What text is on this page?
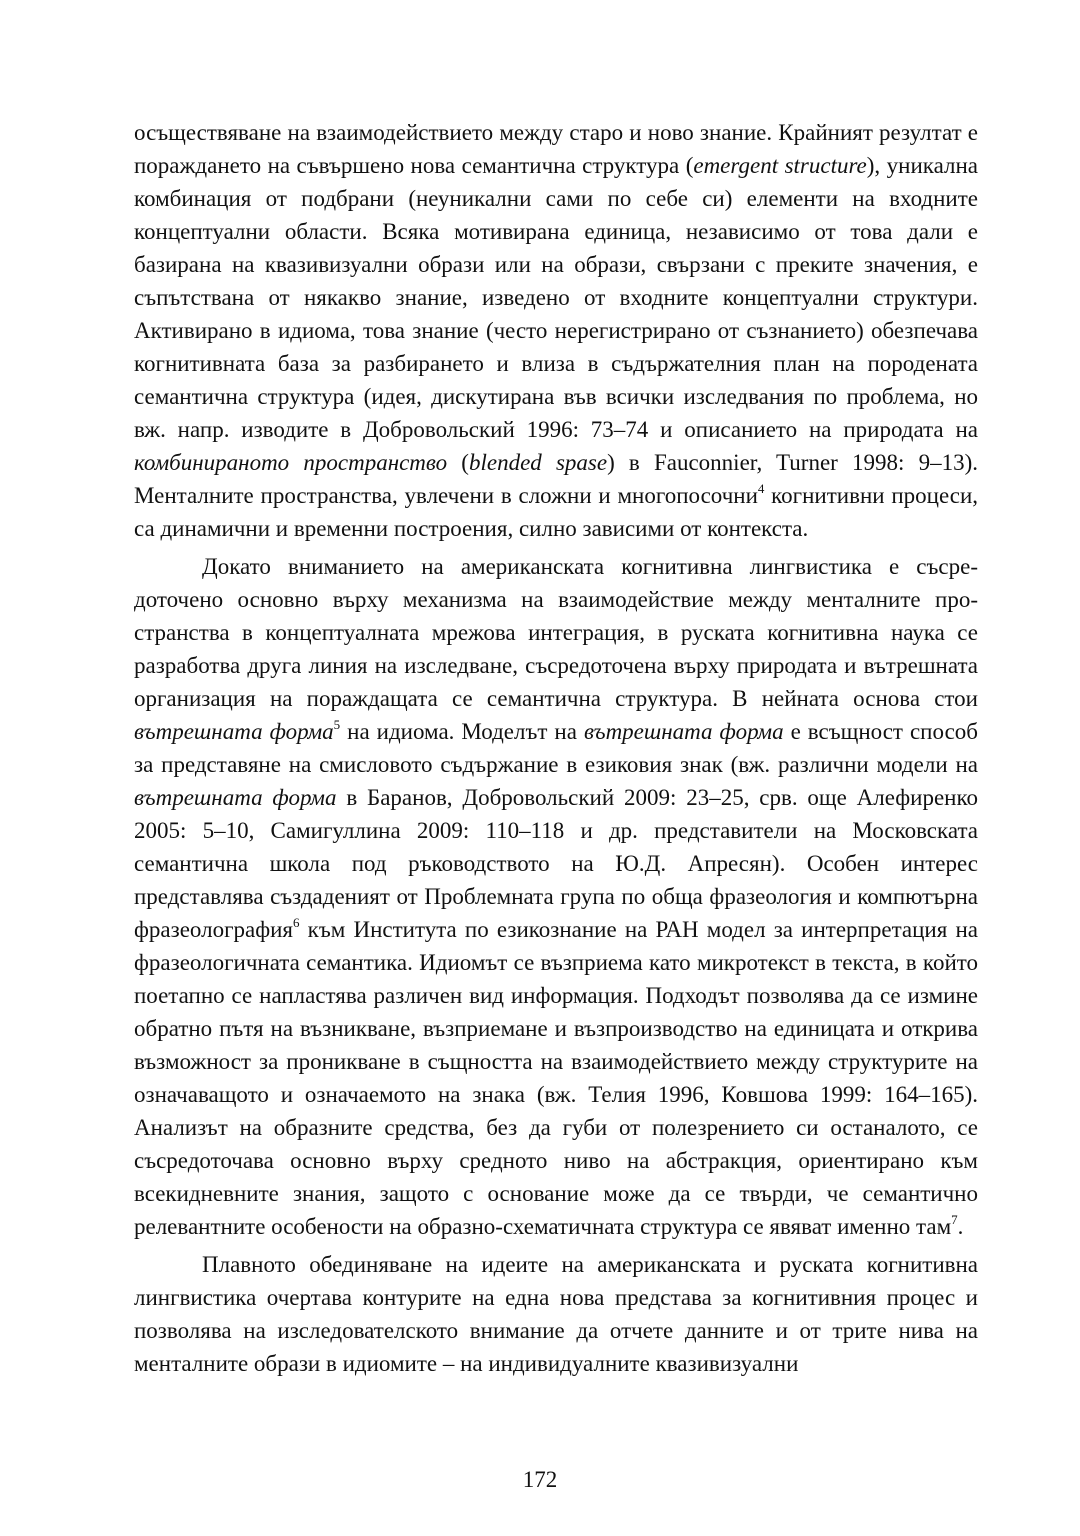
осъществяване на взаимодействието между старо и ново знание. Крайният резултат е пораждането на съвършено нова семантична структура (emergent structure), уникална комбинация от подбрани (неуникални сами по себе си) елементи на входните концептуални области. Всяка мотивирана единица, независимо от това дали е базирана на квазивизуални образи или на образи, свързани с преките значения, е съпътствана от някакво знание, изведено от входните концептуални структури. Активирано в идиома, това знание (често нерегистрирано от съзнанието) обезпечава когнитивната база за разбирането и влиза в съдържателния план на породената семантична структура (идея, дискутирана във всички изследвания по проблема, но вж. напр. изводите в Добровольский 1996: 73–74 и описанието на природата на комбинираното пространство (blended spase) в Fauconnier, Turner 1998: 9–13). Менталните пространства, увлечени в сложни и многопосочни$^4$ когнитивни процеси, са динамични и временни построения, силно зависими от контекста.

Докато вниманието на американската когнитивна лингвистика е съсредоточено основно върху механизма на взаимодействие между менталните пространства в концептуалната мрежова интеграция, в руската когнитивна наука се разработва друга линия на изследване, съсредоточена върху природата и вътрешната организация на пораждащата се семантична структура. В нейната основа стои вътрешната форма$^5$ на идиома. Моделът на вътрешната форма е всъщност способ за представяне на смисловото съдържание в езиковия знак (вж. различни модели на вътрешната форма в Баранов, Добровольский 2009: 23–25, срв. още Алефиренко 2005: 5–10, Самигуллина 2009: 110–118 и др. представители на Московската семантична школа под ръководството на Ю.Д. Апресян). Особен интерес представлява създаденият от Проблемната група по обща фразеология и компютърна фразеолография$^6$ към Института по езикознание на РАН модел за интерпретация на фразеологичната семантика. Идиомът се възприема като микротекст в текста, в който поетапно се напластява различен вид информация. Подходът позволява да се измине обратно пътя на възникване, възприемане и възпроизводство на единицата и открива възможност за проникване в същността на взаимодействието между структурите на означаващото и означаемото на знака (вж. Телия 1996, Ковшова 1999: 164–165). Анализът на образните средства, без да губи от полезрението си останалото, се съсредоточава основно върху средното ниво на абстракция, ориентирано към всекидневните знания, защото с основание може да се твърди, че семантично релевантните особености на образно-схематичната структура се явяват именно там$^7$.

Плавното обединяване на идеите на американската и руската когнитивна лингвистика очертава контурите на една нова представа за когнитивния процес и позволява на изследователското внимание да отчете данните и от трите нива на менталните образи в идиомите – на индивидуалните квазивизуални

172
